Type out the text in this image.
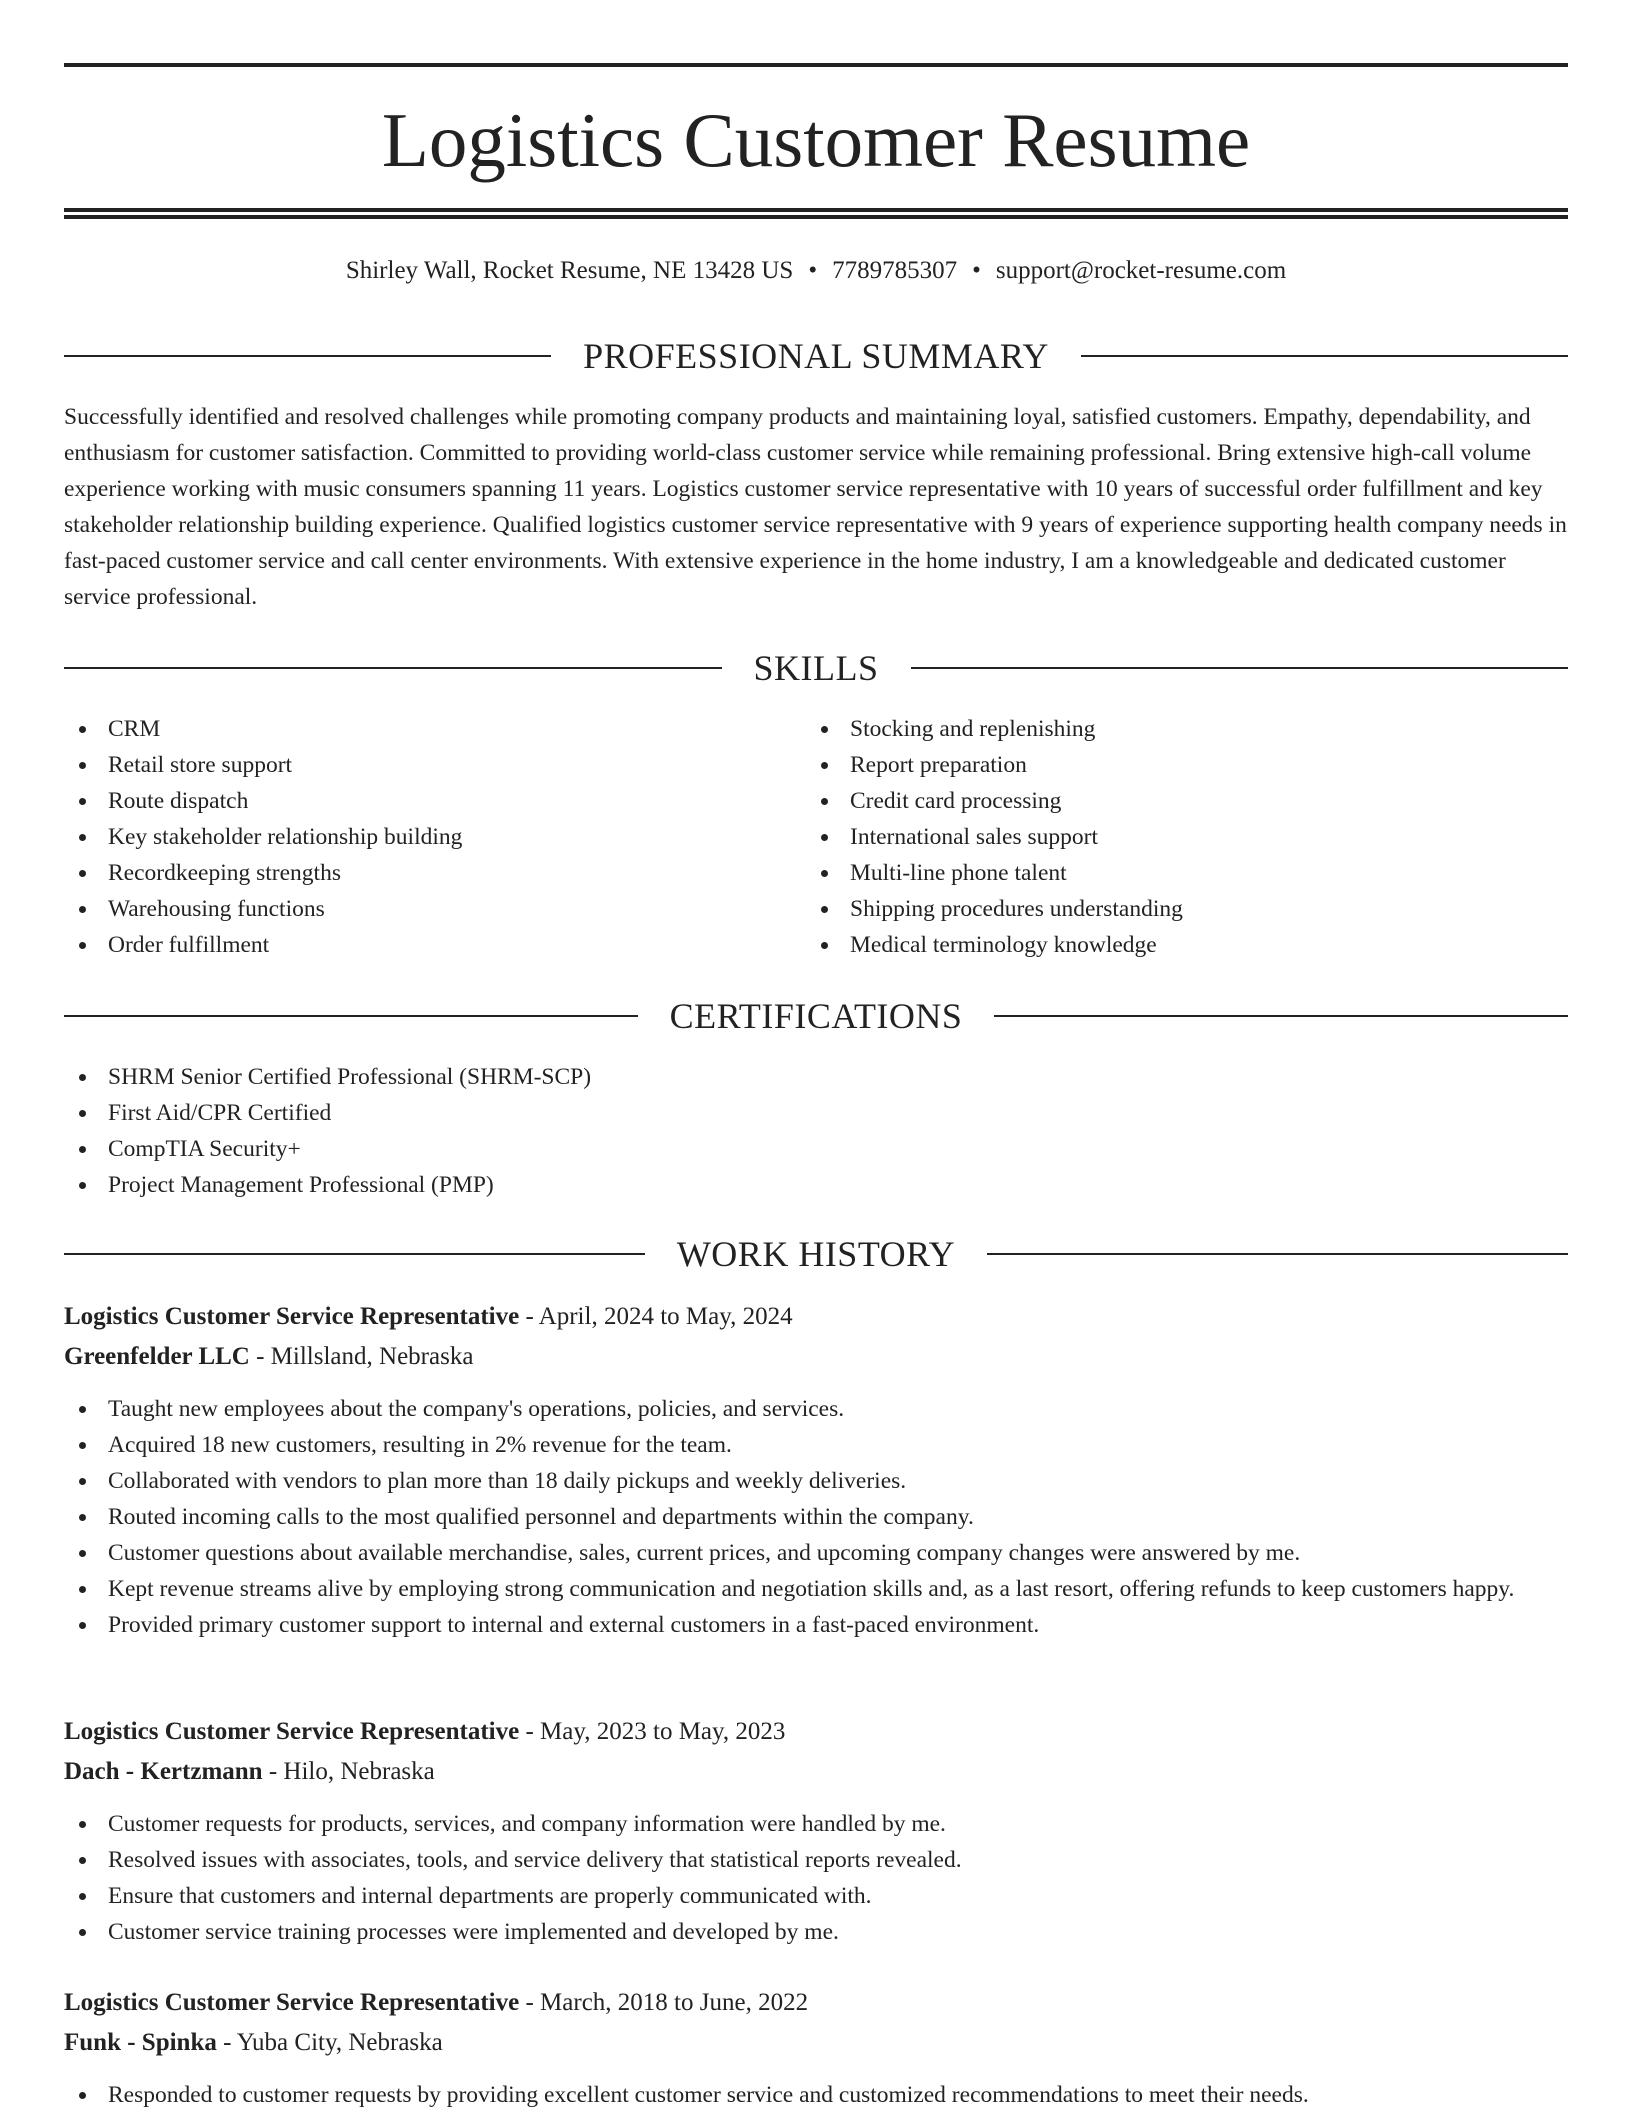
Logistics Customer Resume
Shirley Wall, Rocket Resume, NE 13428 US • 7789785307 • support@rocket-resume.com
PROFESSIONAL SUMMARY

Successfully identified and resolved challenges while promoting company products and maintaining loyal, satisfied customers. Empathy, dependability, and enthusiasm for customer satisfaction. Committed to providing world-class customer service while remaining professional. Bring extensive high-call volume experience working with music consumers spanning 11 years. Logistics customer service representative with 10 years of successful order fulfillment and key stakeholder relationship building experience. Qualified logistics customer service representative with 9 years of experience supporting health company needs in fast-paced customer service and call center environments. With extensive experience in the home industry, I am a knowledgeable and dedicated customer service professional.

SKILLS
CRM
Retail store support
Route dispatch
Key stakeholder relationship building
Recordkeeping strengths
Warehousing functions
Order fulfillment
Stocking and replenishing
Report preparation
Credit card processing
International sales support
Multi-line phone talent
Shipping procedures understanding
Medical terminology knowledge
CERTIFICATIONS
SHRM Senior Certified Professional (SHRM-SCP)
First Aid/CPR Certified
CompTIA Security+
Project Management Professional (PMP)
WORK HISTORY
Logistics Customer Service Representative - April, 2024 to May, 2024
Greenfelder LLC - Millsland, Nebraska
Taught new employees about the company's operations, policies, and services.
Acquired 18 new customers, resulting in 2% revenue for the team.
Collaborated with vendors to plan more than 18 daily pickups and weekly deliveries.
Routed incoming calls to the most qualified personnel and departments within the company.
Customer questions about available merchandise, sales, current prices, and upcoming company changes were answered by me.
Kept revenue streams alive by employing strong communication and negotiation skills and, as a last resort, offering refunds to keep customers happy.
Provided primary customer support to internal and external customers in a fast-paced environment.
Logistics Customer Service Representative - May, 2023 to May, 2023
Dach - Kertzmann - Hilo, Nebraska
Customer requests for products, services, and company information were handled by me.
Resolved issues with associates, tools, and service delivery that statistical reports revealed.
Ensure that customers and internal departments are properly communicated with.
Customer service training processes were implemented and developed by me.
Logistics Customer Service Representative - March, 2018 to June, 2022
Funk - Spinka - Yuba City, Nebraska
Responded to customer requests by providing excellent customer service and customized recommendations to meet their needs.
